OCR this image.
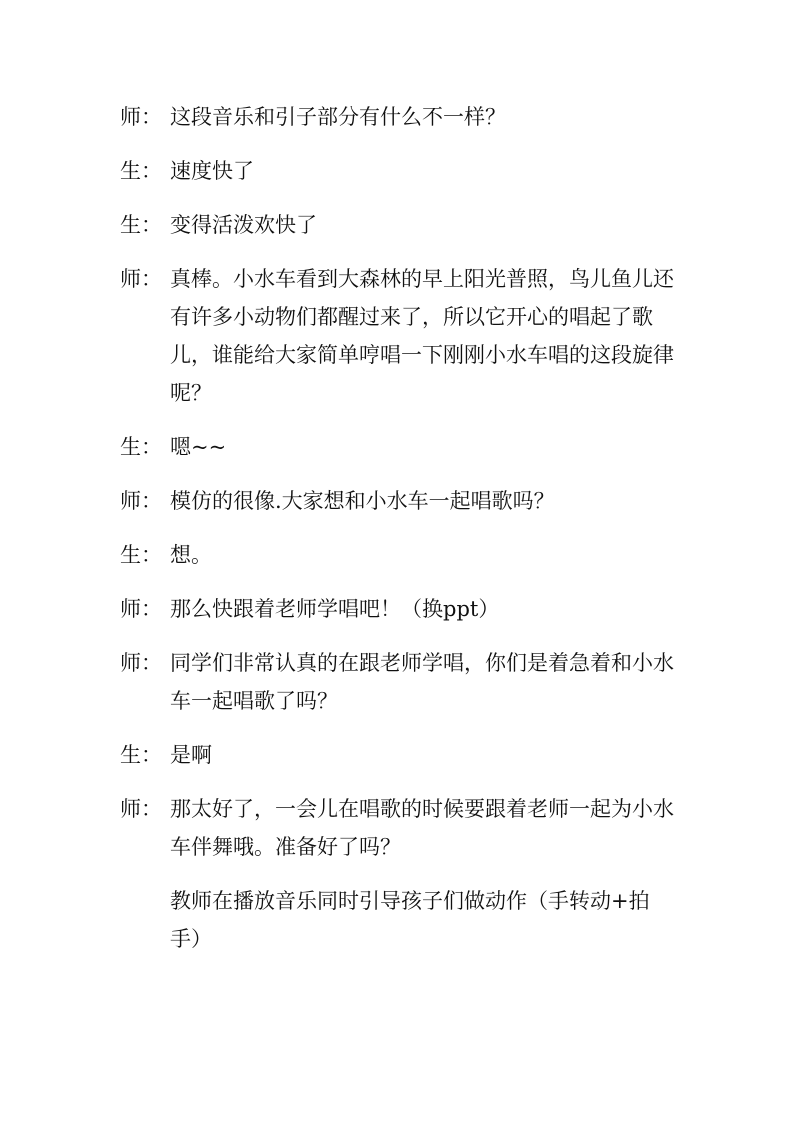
师： 这段音乐和引子部分有什么不一样？
生： 速度快了
生： 变得活泼欢快了
师： 真棒。小水车看到大森林的早上阳光普照，鸟儿鱼儿还有许多小动物们都醒过来了，所以它开心的唱起了歌儿，谁能给大家简单哼唱一下刚刚小水车唱的这段旋律呢？
生： 嗯~~
师： 模仿的很像.大家想和小水车一起唱歌吗？
生： 想。
师： 那么快跟着老师学唱吧！（换ppt）
师： 同学们非常认真的在跟老师学唱，你们是着急着和小水车一起唱歌了吗？
生： 是啊
师： 那太好了，一会儿在唱歌的时候要跟着老师一起为小水车伴舞哦。准备好了吗？
教师在播放音乐同时引导孩子们做动作（手转动+拍手）
